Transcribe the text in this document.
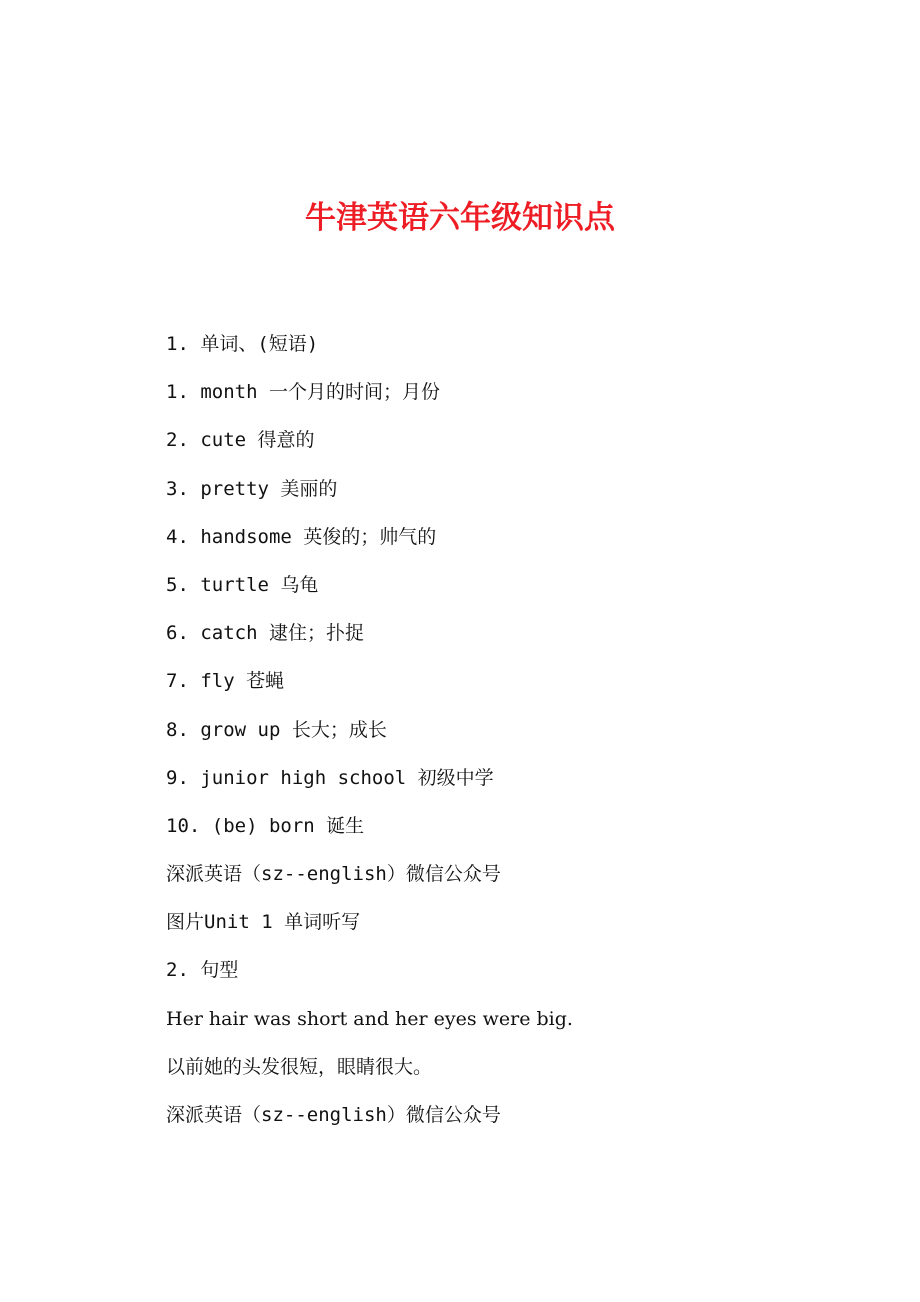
牛津英语六年级知识点
1. 单词、(短语)
1. month 一个月的时间；月份
2. cute 得意的
3. pretty 美丽的
4. handsome 英俊的；帅气的
5. turtle 乌龟
6. catch 逮住；扑捉
7. fly 苍蝇
8. grow up 长大；成长
9. junior high school 初级中学
10. (be) born 诞生
深派英语（sz--english）微信公众号
图片Unit 1 单词听写
2. 句型
Her hair was short and her eyes were big.
以前她的头发很短，眼睛很大。
深派英语（sz--english）微信公众号
